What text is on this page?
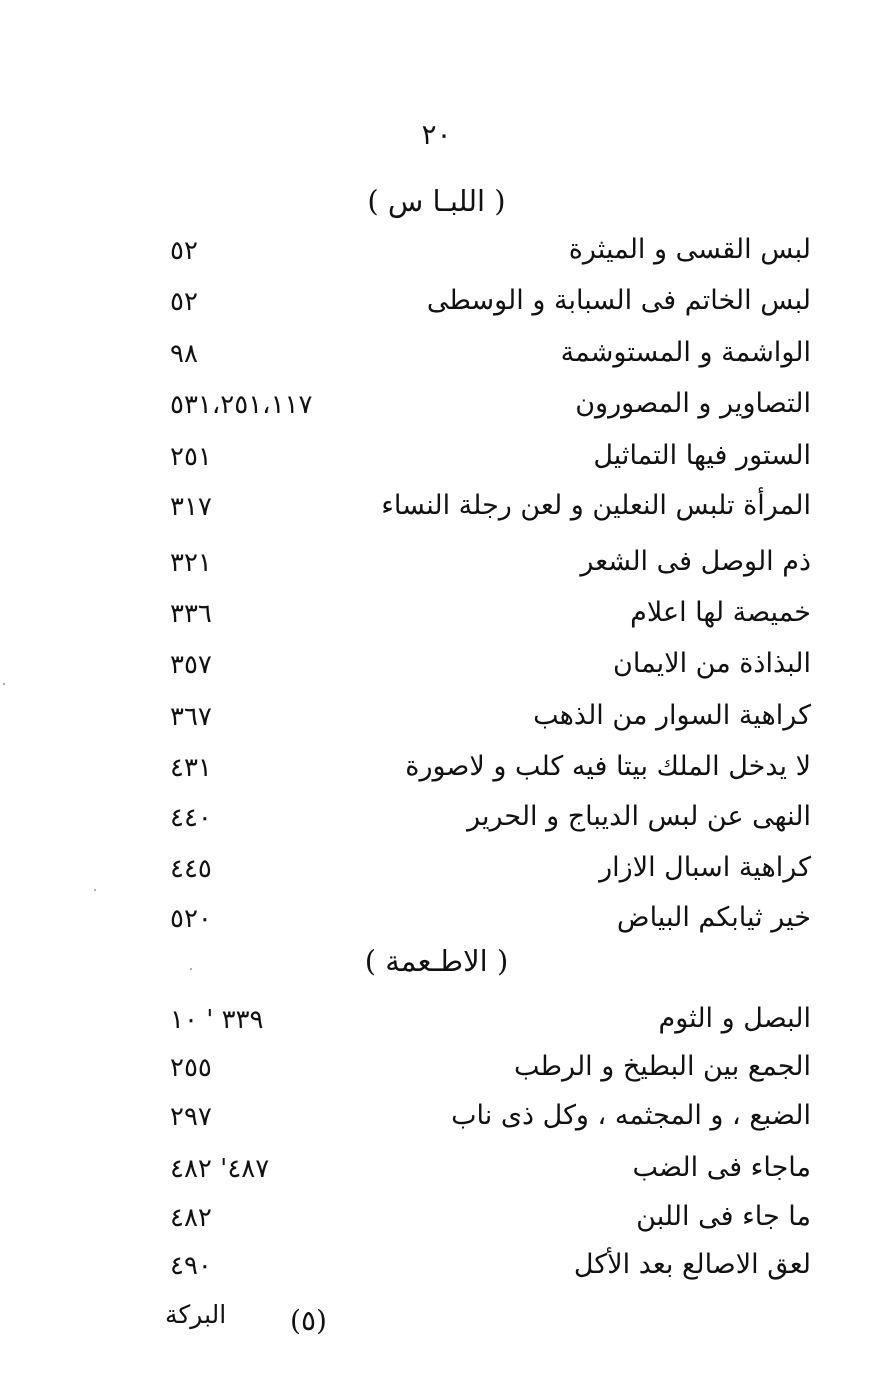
٢٠
( اللبـا س )
لبس القسى و الميثرة
٥٢
لبس الخاتم فى السبابة و الوسطى
٥٢
الواشمة و المستوشمة
٩٨
التصاوير و المصورون
٥٣١،٢٥١،١١٧
الستور فيها التماثيل
٢٥١
المرأة تلبس النعلين و لعن رجلة النساء
٣١٧
ذم الوصل فى الشعر
٣٢١
خميصة لها اعلام
٣٣٦
البذاذة من الايمان
٣٥٧
كراهية السوار من الذهب
٣٦٧
لا يدخل الملك بيتا فيه كلب و لاصورة
٤٣١
النهى عن لبس الديباج و الحرير
٤٤٠
كراهية اسبال الازار
٤٤٥
خير ثيابكم البياض
٥٢٠
( الاطـعمة )
البصل و الثوم
٣٣٩ ' ١٠
الجمع بين البطيخ و الرطب
٢٥٥
الضبع ، و المجثمه ، وكل ذى ناب
٢٩٧
ماجاء فى الضب
٤٨٧' ٤٨٢
ما جاء فى اللبن
٤٨٢
لعق الاصالع بعد الأكل
٤٩٠
(٥)
البركة
